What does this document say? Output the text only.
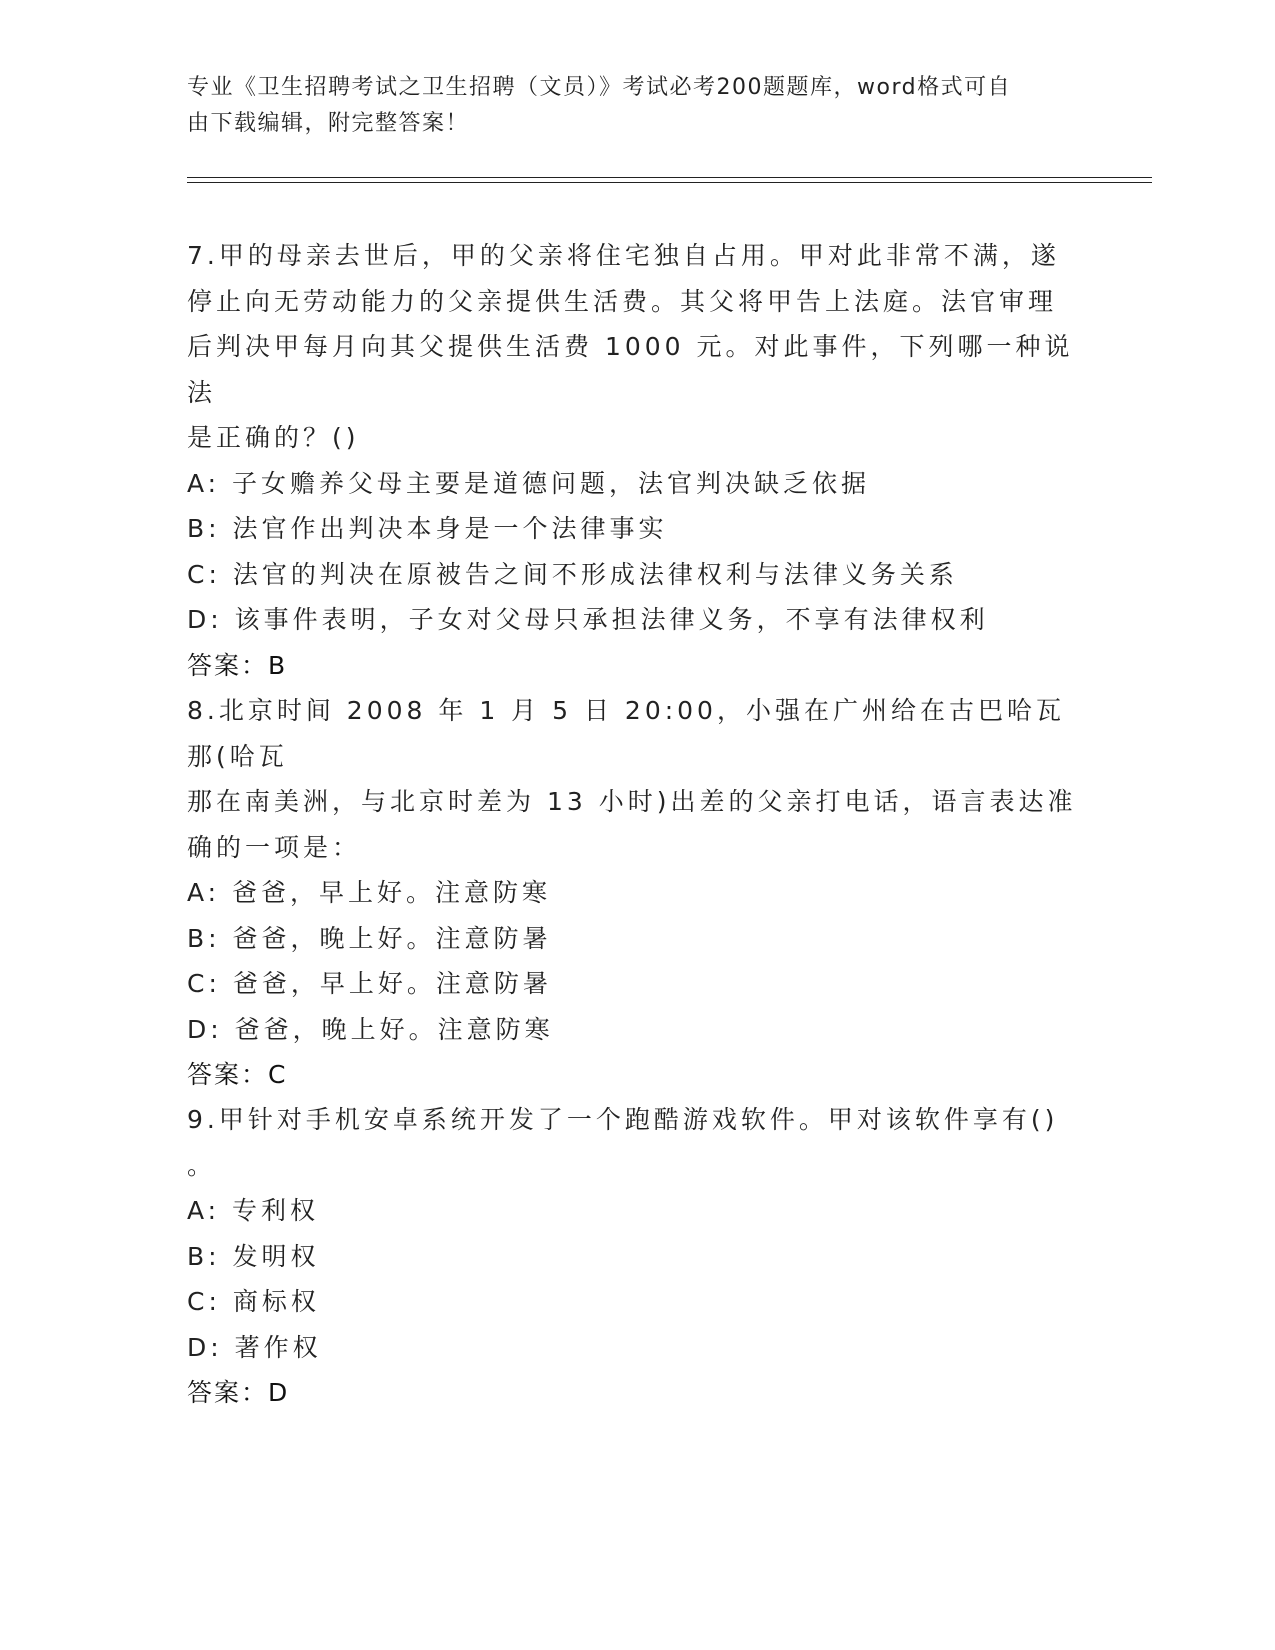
专业《卫生招聘考试之卫生招聘（文员）》考试必考200题题库，word格式可自
由下载编辑，附完整答案！

7.甲的母亲去世后，甲的父亲将住宅独自占用。甲对此非常不满，遂

停止向无劳动能力的父亲提供生活费。其父将甲告上法庭。法官审理

后判决甲每月向其父提供生活费 1000 元。对此事件，下列哪一种说法

是正确的？()

A: 子女赡养父母主要是道德问题，法官判决缺乏依据

B: 法官作出判决本身是一个法律事实

C: 法官的判决在原被告之间不形成法律权利与法律义务关系

D: 该事件表明，子女对父母只承担法律义务，不享有法律权利

答案：B

8.北京时间 2008 年 1 月 5 日 20:00，小强在广州给在古巴哈瓦那(哈瓦

那在南美洲，与北京时差为 13 小时)出差的父亲打电话，语言表达准

确的一项是：

A: 爸爸，早上好。注意防寒

B: 爸爸，晚上好。注意防暑

C: 爸爸，早上好。注意防暑

D: 爸爸，晚上好。注意防寒

答案：C

9.甲针对手机安卓系统开发了一个跑酷游戏软件。甲对该软件享有()

。

A: 专利权

B: 发明权

C: 商标权

D: 著作权

答案：D
